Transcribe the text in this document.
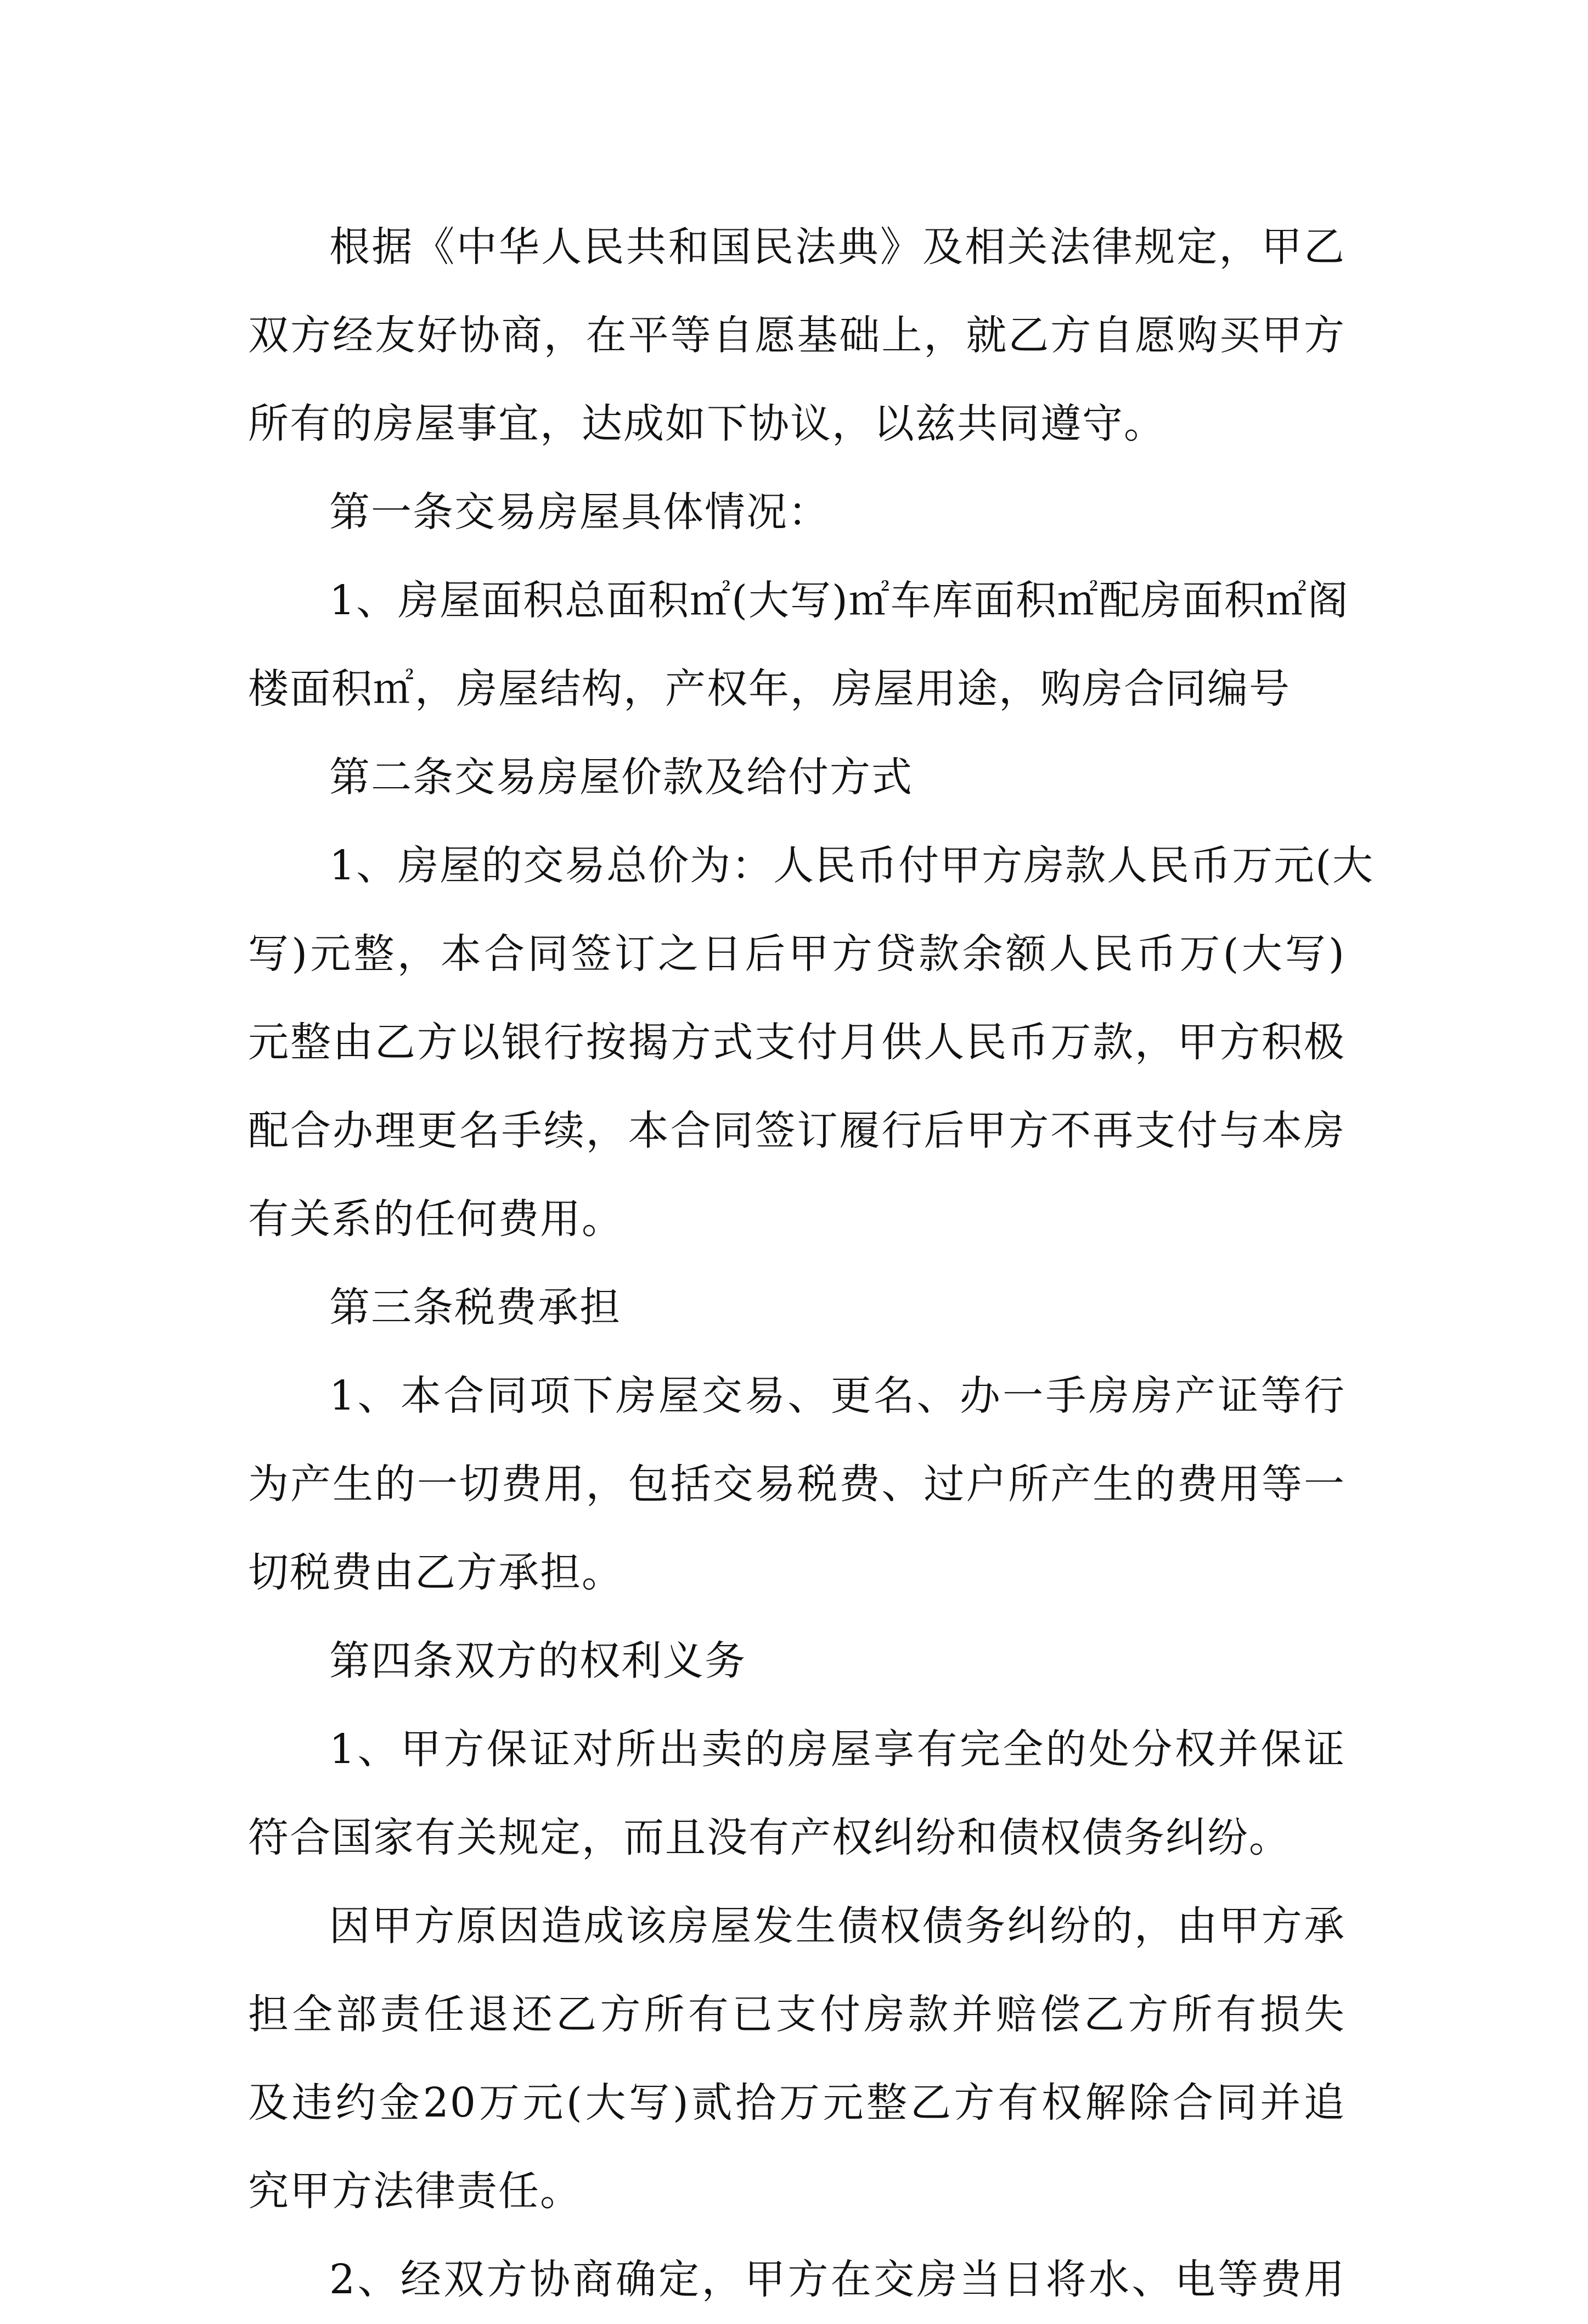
根据《中华人民共和国民法典》及相关法律规定，甲乙
双方经友好协商，在平等自愿基础上，就乙方自愿购买甲方
所有的房屋事宜，达成如下协议，以兹共同遵守。
第一条交易房屋具体情况：
1、房屋面积总面积㎡(大写)㎡车库面积㎡配房面积㎡阁
楼面积㎡，房屋结构，产权年，房屋用途，购房合同编号
第二条交易房屋价款及给付方式
1、房屋的交易总价为：人民币付甲方房款人民币万元(大
写)元整，本合同签订之日后甲方贷款余额人民币万(大写)
元整由乙方以银行按揭方式支付月供人民币万款，甲方积极
配合办理更名手续，本合同签订履行后甲方不再支付与本房
有关系的任何费用。
第三条税费承担
1、本合同项下房屋交易、更名、办一手房房产证等行
为产生的一切费用，包括交易税费、过户所产生的费用等一
切税费由乙方承担。
第四条双方的权利义务
1、甲方保证对所出卖的房屋享有完全的处分权并保证
符合国家有关规定，而且没有产权纠纷和债权债务纠纷。
因甲方原因造成该房屋发生债权债务纠纷的，由甲方承
担全部责任退还乙方所有已支付房款并赔偿乙方所有损失
及违约金20万元(大写)贰拾万元整乙方有权解除合同并追
究甲方法律责任。
2、经双方协商确定，甲方在交房当日将水、电等费用
